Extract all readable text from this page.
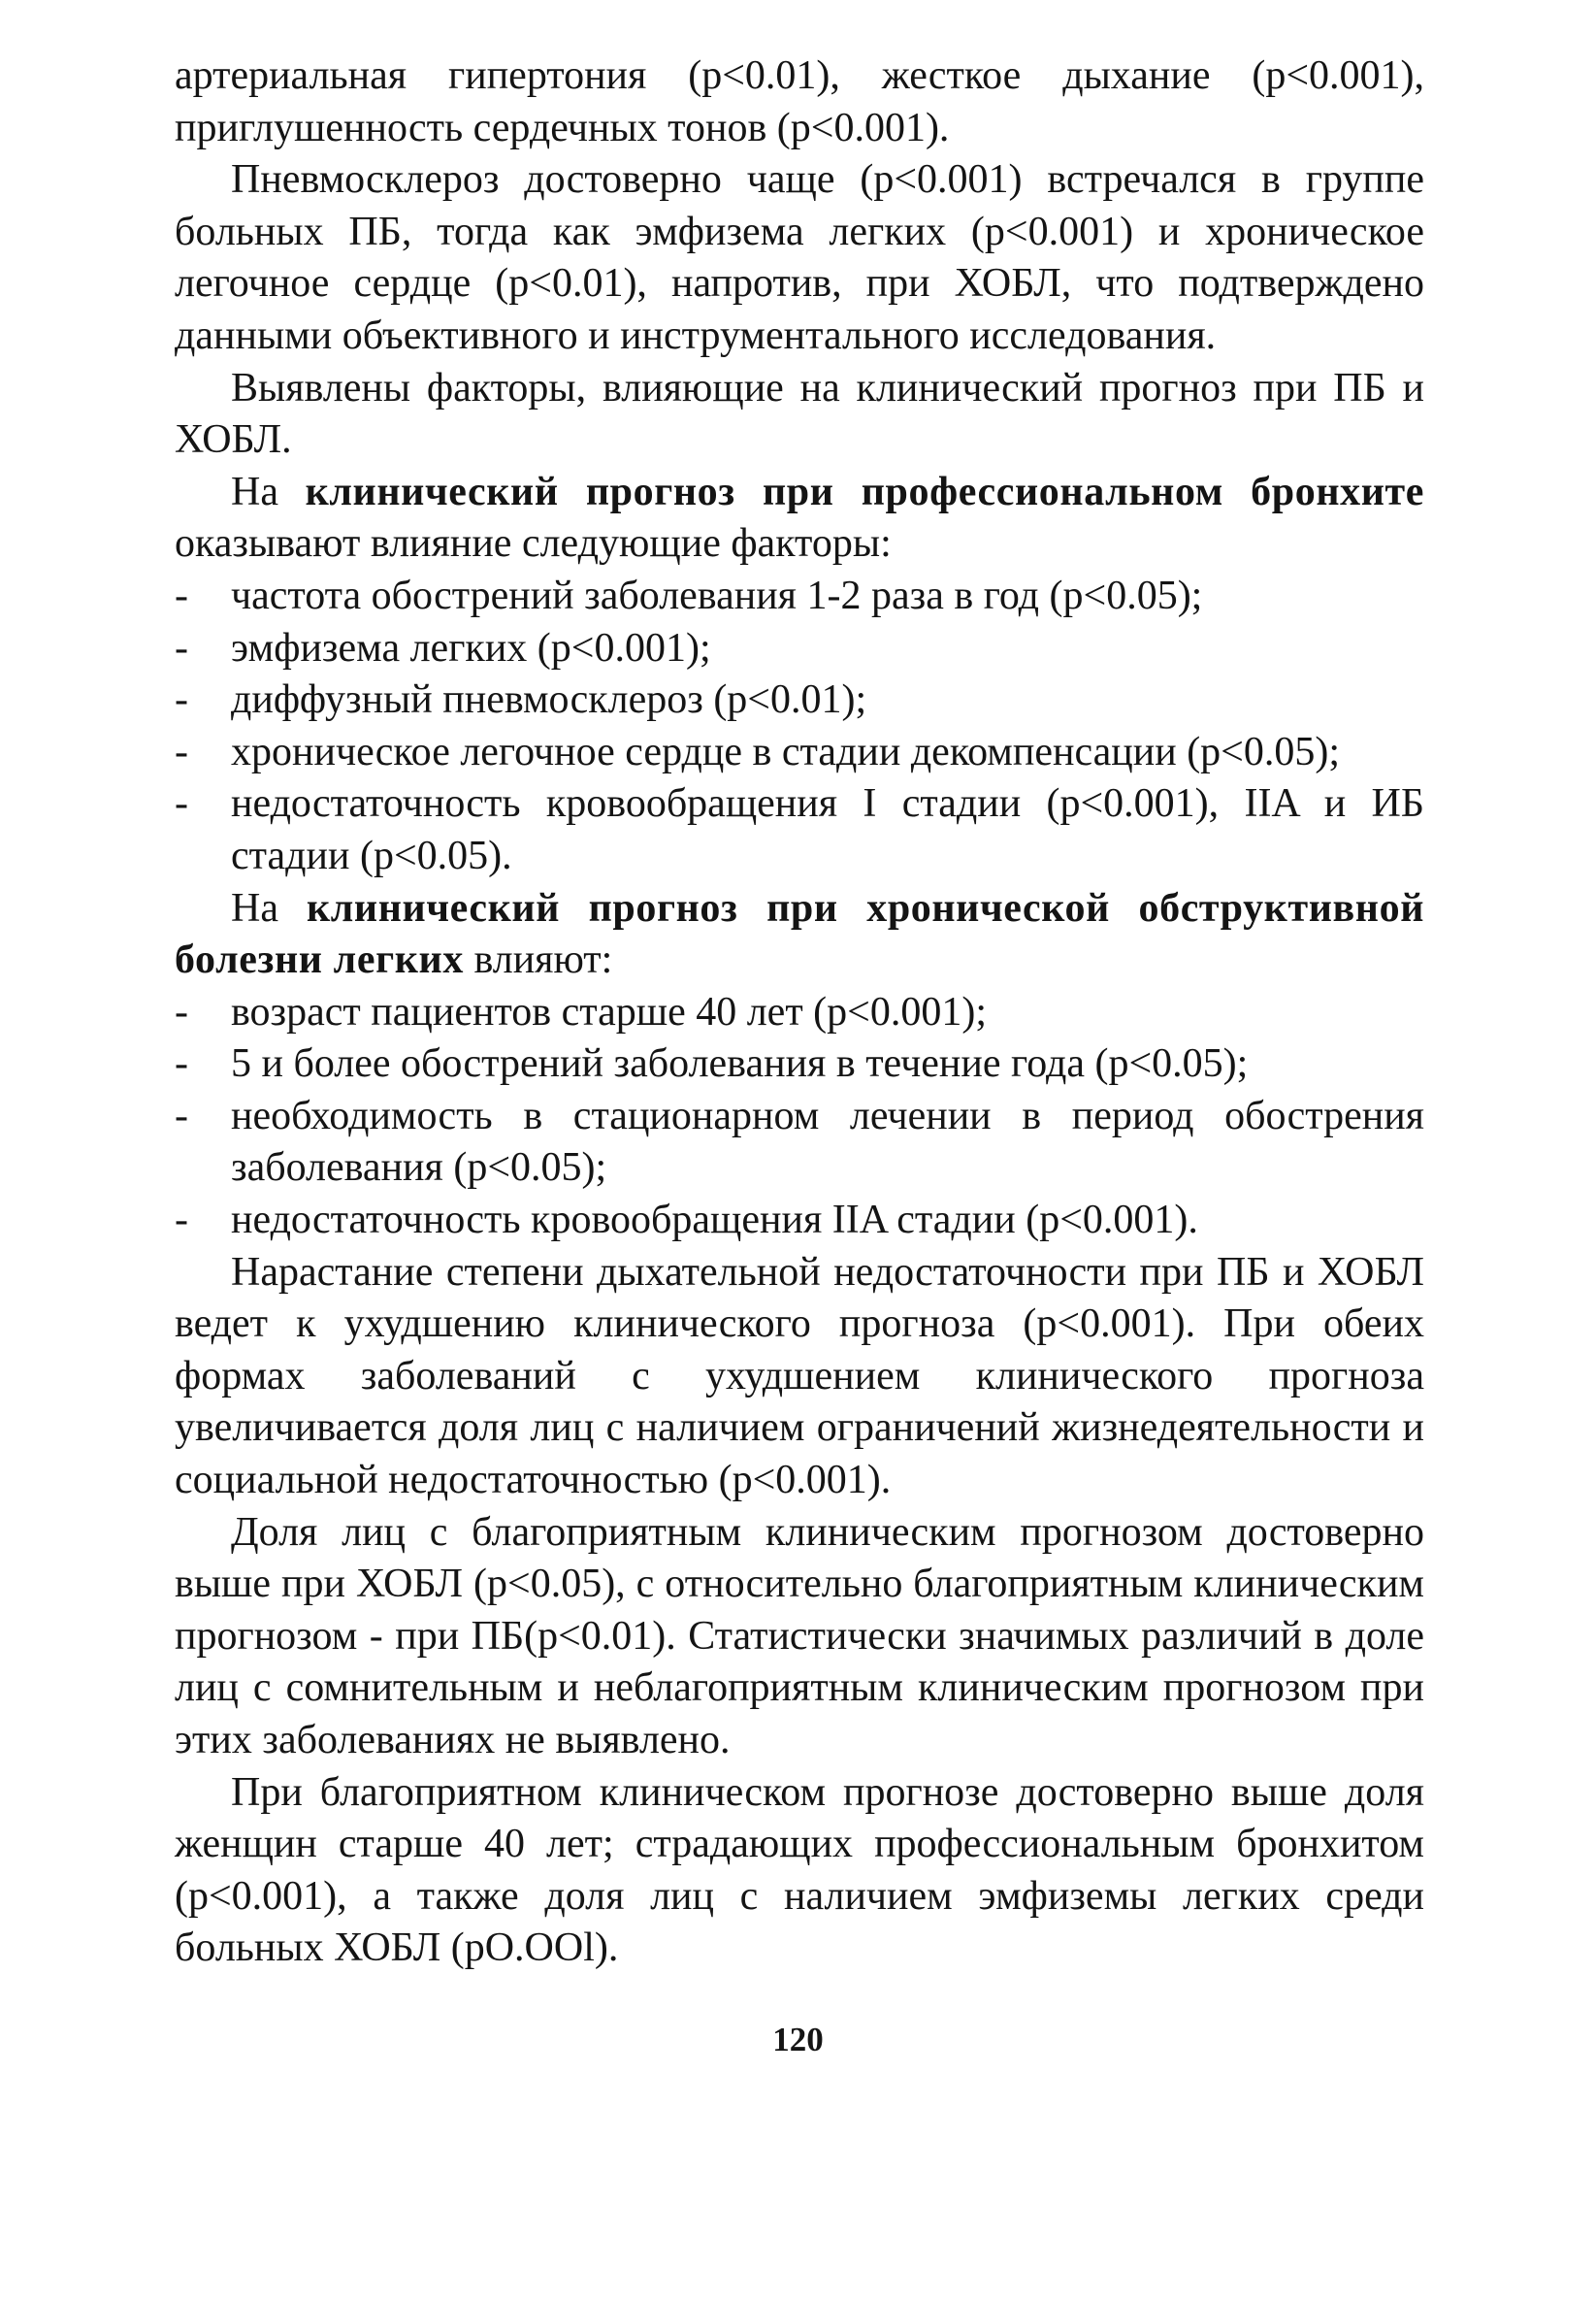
артериальная гипертония (p<0.01), жесткое дыхание (p<0.001), приглушенность сердечных тонов (p<0.001).

Пневмосклероз достоверно чаще (p<0.001) встречался в группе больных ПБ, тогда как эмфизема легких (p<0.001) и хроническое легочное сердце (p<0.01), напротив, при ХОБЛ, что подтверждено данными объективного и инструментального исследования.

Выявлены факторы, влияющие на клинический прогноз при ПБ и ХОБЛ.

На клинический прогноз при профессиональном бронхите оказывают влияние следующие факторы:

- частота обострений заболевания 1-2 раза в год (p<0.05);
- эмфизема легких (p<0.001);
- диффузный пневмосклероз (p<0.01);
- хроническое легочное сердце в стадии декомпенсации (p<0.05);
- недостаточность кровообращения I стадии (p<0.001), IIA и ИБ стадии (p<0.05).

На клинический прогноз при хронической обструктивной болезни легких влияют:

- возраст пациентов старше 40 лет (p<0.001);
- 5 и более обострений заболевания в течение года (p<0.05);
- необходимость в стационарном лечении в период обострения заболевания (p<0.05);
- недостаточность кровообращения IIA стадии (p<0.001).

Нарастание степени дыхательной недостаточности при ПБ и ХОБЛ ведет к ухудшению клинического прогноза (p<0.001). При обеих формах заболеваний с ухудшением клинического прогноза увеличивается доля лиц с наличием ограничений жизнедеятельности и социальной недостаточностью (p<0.001).

Доля лиц с благоприятным клиническим прогнозом достоверно выше при ХОБЛ (p<0.05), с относительно благоприятным клиническим прогнозом - при ПБ(p<0.01). Статистически значимых различий в доле лиц с сомнительным и неблагоприятным клиническим прогнозом при этих заболеваниях не выявлено.

При благоприятном клиническом прогнозе достоверно выше доля женщин старше 40 лет; страдающих профессиональным бронхитом (p<0.001), а также доля лиц с наличием эмфиземы легких среди больных ХОБЛ (pO.OOl).

120
